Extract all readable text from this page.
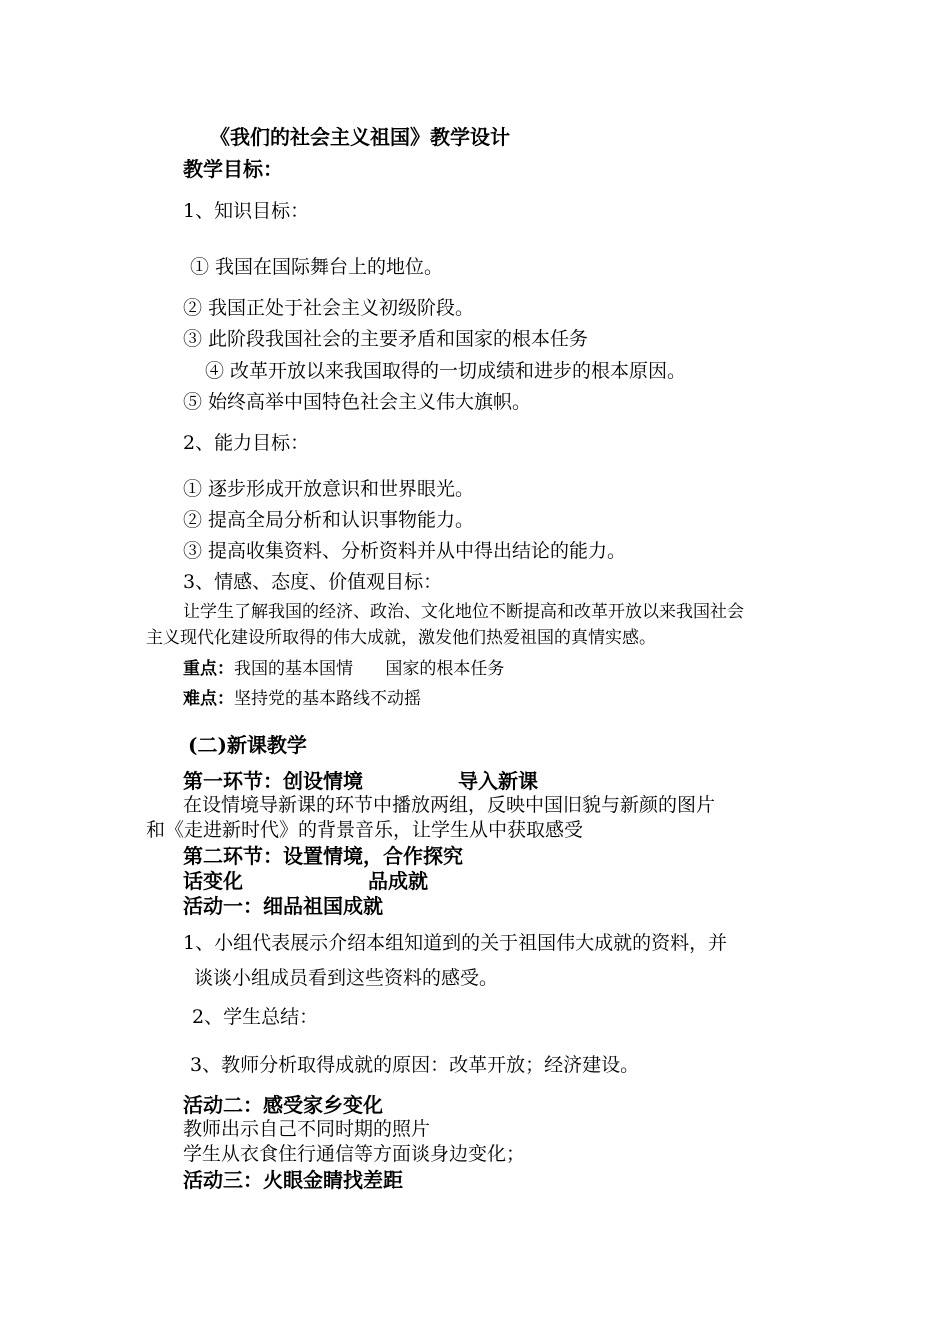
《我们的社会主义祖国》教学设计
教学目标：
1、知识目标：
① 我国在国际舞台上的地位。
② 我国正处于社会主义初级阶段。
③ 此阶段我国社会的主要矛盾和国家的根本任务
④ 改革开放以来我国取得的一切成绩和进步的根本原因。
⑤ 始终高举中国特色社会主义伟大旗帜。
2、能力目标：
① 逐步形成开放意识和世界眼光。
② 提高全局分析和认识事物能力。
③ 提高收集资料、分析资料并从中得出结论的能力。
3、情感、态度、价值观目标：
让学生了解我国的经济、政治、文化地位不断提高和改革开放以来我国社会
主义现代化建设所取得的伟大成就，激发他们热爱祖国的真情实感。
重点：我国的基本国情      国家的根本任务
难点：坚持党的基本路线不动摇
(二)新课教学
第一环节：创设情境	导入新课
在设情境导新课的环节中播放两组，反映中国旧貌与新颜的图片
和《走进新时代》的背景音乐，让学生从中获取感受
第二环节：设置情境，合作探究
话变化	品成就
活动一：细品祖国成就
1、小组代表展示介绍本组知道到的关于祖国伟大成就的资料，并
谈谈小组成员看到这些资料的感受。
2、学生总结：
3、教师分析取得成就的原因：改革开放；经济建设。
活动二：感受家乡变化
教师出示自己不同时期的照片
学生从衣食住行通信等方面谈身边变化；
活动三：火眼金睛找差距
